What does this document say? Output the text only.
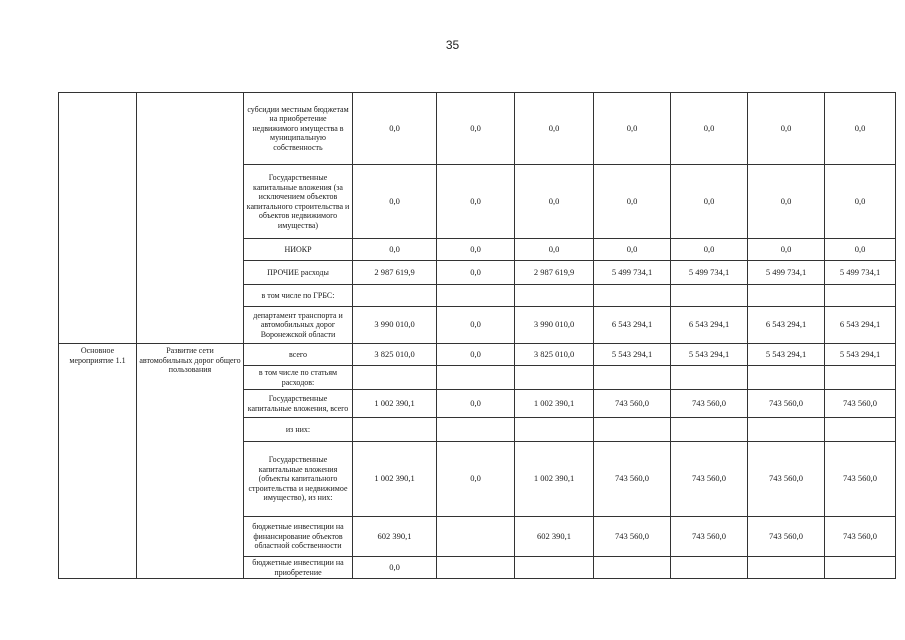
35
		субсидии местным бюджетам на приобретение недвижимого имущества в муниципальную собственность	0,0	0,0	0,0	0,0	0,0	0,0	0,0
		Государственные капитальные вложения (за исключением объектов капитального строительства и объектов недвижимого имущества)	0,0	0,0	0,0	0,0	0,0	0,0	0,0
		НИОКР	0,0	0,0	0,0	0,0	0,0	0,0	0,0
		ПРОЧИЕ расходы	2 987 619,9	0,0	2 987 619,9	5 499 734,1	5 499 734,1	5 499 734,1	5 499 734,1
		в том числе по ГРБС:							
		департамент транспорта и автомобильных дорог Воронежской области	3 990 010,0	0,0	3 990 010,0	6 543 294,1	6 543 294,1	6 543 294,1	6 543 294,1
Основное мероприятие 1.1	Развитие сети автомобильных дорог общего пользования	всего	3 825 010,0	0,0	3 825 010,0	5 543 294,1	5 543 294,1	5 543 294,1	5 543 294,1
		в том числе по статьям расходов:							
		Государственные капитальные вложения, всего	1 002 390,1	0,0	1 002 390,1	743 560,0	743 560,0	743 560,0	743 560,0
		из них:							
		Государственные капитальные вложения (объекты капитального строительства и недвижимое имущество), из них:	1 002 390,1	0,0	1 002 390,1	743 560,0	743 560,0	743 560,0	743 560,0
		бюджетные инвестиции на финансирование объектов областной собственности	602 390,1		602 390,1	743 560,0	743 560,0	743 560,0	743 560,0
		бюджетные инвестиции на приобретение	0,0						
